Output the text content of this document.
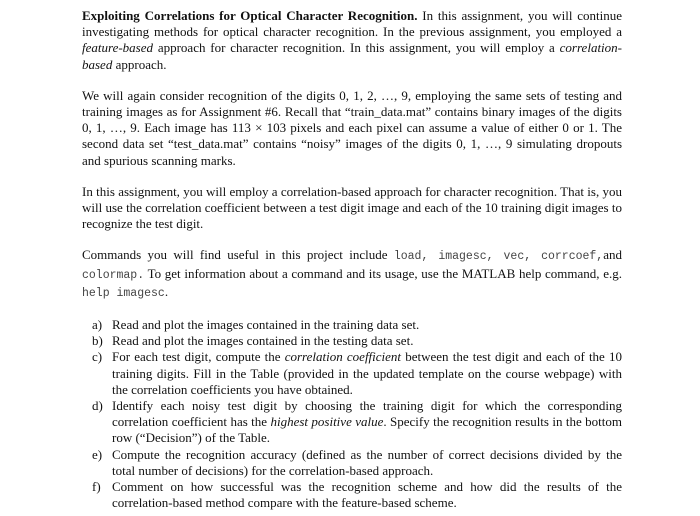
Exploiting Correlations for Optical Character Recognition. In this assignment, you will continue investigating methods for optical character recognition. In the previous assignment, you employed a feature-based approach for character recognition. In this assignment, you will employ a correlation-based approach.

We will again consider recognition of the digits 0, 1, 2, …, 9, employing the same sets of testing and training images as for Assignment #6. Recall that “train_data.mat” contains binary images of the digits 0, 1, …, 9. Each image has 113 × 103 pixels and each pixel can assume a value of either 0 or 1. The second data set “test_data.mat” contains “noisy” images of the digits 0, 1, …, 9 simulating dropouts and spurious scanning marks.

In this assignment, you will employ a correlation-based approach for character recognition. That is, you will use the correlation coefficient between a test digit image and each of the 10 training digit images to recognize the test digit.

Commands you will find useful in this project include load, imagesc, vec, corrcoef,and colormap. To get information about a command and its usage, use the MATLAB help command, e.g. help imagesc.

a) Read and plot the images contained in the training data set.
b) Read and plot the images contained in the testing data set.
c) For each test digit, compute the correlation coefficient between the test digit and each of the 10 training digits. Fill in the Table (provided in the updated template on the course webpage) with the correlation coefficients you have obtained.
d) Identify each noisy test digit by choosing the training digit for which the corresponding correlation coefficient has the highest positive value. Specify the recognition results in the bottom row (“Decision”) of the Table.
e) Compute the recognition accuracy (defined as the number of correct decisions divided by the total number of decisions) for the correlation-based approach.
f) Comment on how successful was the recognition scheme and how did the results of the correlation-based method compare with the feature-based scheme.
